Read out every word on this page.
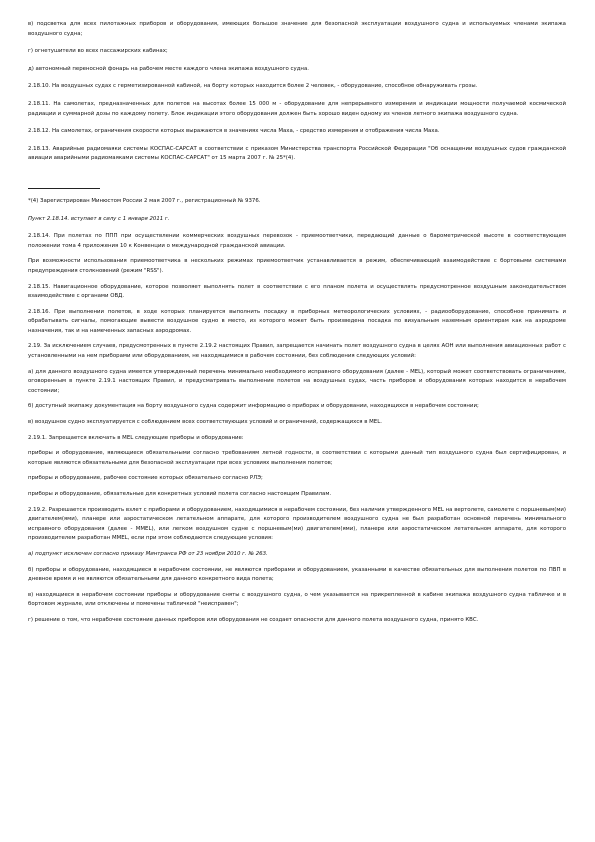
в) подсветка для всех пилотажных приборов и оборудования, имеющих большое значение для безопасной эксплуатации воздушного судна и используемых членами экипажа воздушного судна;

г) огнетушители во всех пассажирских кабинах;

д) автономный переносной фонарь на рабочем месте каждого члена экипажа воздушного судна.

2.18.10. На воздушных судах с герметизированной кабиной, на борту которых находится более 2 человек, - оборудование, способное обнаруживать грозы.

2.18.11. На самолетах, предназначенных для полетов на высотах более 15 000 м - оборудование для непрерывного измерения и индикации мощности получаемой космической радиации и суммарной дозы по каждому полету. Блок индикации этого оборудования должен быть хорошо виден одному из членов летного экипажа воздушного судна.

2.18.12. На самолетах, ограничения скорости которых выражаются в значениях числа Маха, - средство измерения и отображения числа Маха.

2.18.13. Аварийные радиомаяки системы КОСПАС-САРСАТ в соответствии с приказом Министерства транспорта Российской Федерации "Об оснащении воздушных судов гражданской авиации аварийными радиомаяками системы КОСПАС-САРСАТ" от 15 марта 2007 г. № 25*(4).

*(4) Зарегистрирован Минюстом России 2 мая 2007 г., регистрационный № 9376.

Пункт 2.18.14. вступает в силу с 1 января 2011 г.

2.18.14. При полетах по ППП при осуществлении коммерческих воздушных перевозок - приемоответчики, передающий данные о барометрической высоте в соответствующем положении тома 4 приложения 10 к Конвенции о международной гражданской авиации.

При возможности использования приемоответчика в нескольких режимах приемоответчик устанавливается в режим, обеспечивающий взаимодействие с бортовыми системами предупреждения столкновений (режим "RSS").

2.18.15. Навигационное оборудование, которое позволяет выполнять полет в соответствии с его планом полета и осуществлять предусмотренное воздушным законодательством взаимодействие с органами ОВД.

2.18.16. При выполнении полетов, в ходе которых планируется выполнить посадку в приборных метеорологических условиях, - радиооборудование, способное принимать и обрабатывать сигналы, помогающие вывести воздушное судно в место, из которого может быть произведена посадка по визуальным наземным ориентирам как на аэродроме назначения, так и на намеченных запасных аэродромах.

2.19. За исключением случаев, предусмотренных в пункте 2.19.2 настоящих Правил, запрещается начинать полет воздушного судна в целях АОН или выполнения авиационных работ с установленными на нем приборами или оборудованием, не находящимися в рабочем состоянии, без соблюдения следующих условий:

а) для данного воздушного судна имеется утвержденный перечень минимально необходимого исправного оборудования (далее - MEL), который может соответствовать ограничениям, оговоренным в пункте 2.19.1 настоящих Правил, и предусматривать выполнение полетов на воздушных судах, часть приборов и оборудования которых находится в нерабочем состоянии;

б) доступный экипажу документация на борту воздушного судна содержит информацию о приборах и оборудовании, находящихся в нерабочем состоянии;

в) воздушное судно эксплуатируется с соблюдением всех соответствующих условий и ограничений, содержащихся в MEL.

2.19.1. Запрещается включать в MEL следующие приборы и оборудование:

приборы и оборудование, являющиеся обязательными согласно требованиям летной годности, в соответствии с которыми данный тип воздушного судна был сертифицирован, и которые являются обязательными для безопасной эксплуатации при всех условиях выполнения полетов;

приборы и оборудование, рабочее состояние которых обязательно согласно РЛЭ;

приборы и оборудование, обязательные для конкретных условий полета согласно настоящим Правилам.

2.19.2. Разрешается производить взлет с приборами и оборудованием, находящимися в нерабочем состоянии, без наличия утвержденного MEL на вертолете, самолете с поршневым(ми) двигателем(ями), планере или аэростатическом летательном аппарате, для которого производителем воздушного судна не был разработан основной перечень минимального исправного оборудования (далее - MMEL), или легком воздушном судне с поршневым(ми) двигателем(ями), планере или аэростатическом летательном аппарате, для которого производителем разработан MMEL, если при этом соблюдаются следующие условия:

а) подпункт исключен согласно приказу Минтранса РФ от 23 ноября 2010 г. № 263.

б) приборы и оборудование, находящиеся в нерабочем состоянии, не являются приборами и оборудованием, указанными в качестве обязательных для выполнения полетов по ПВП в дневное время и не являются обязательными для данного конкретного вида полета;

в) находящиеся в нерабочем состоянии приборы и оборудование сняты с воздушного судна, о чем указывается на прикрепленной в кабине экипажа воздушного судна табличке и в бортовом журнале, или отключены и помечены табличкой "неисправен";

г) решение о том, что нерабочее состояние данных приборов или оборудования не создает опасности для данного полета воздушного судна, принято КВС.
